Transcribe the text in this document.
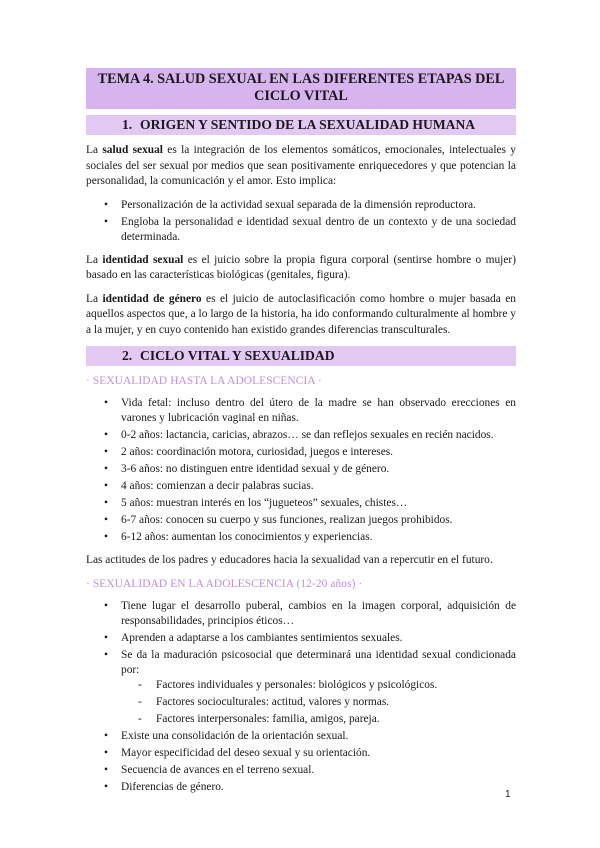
TEMA 4. SALUD SEXUAL EN LAS DIFERENTES ETAPAS DEL
CICLO VITAL
1. ORIGEN Y SENTIDO DE LA SEXUALIDAD HUMANA

La salud sexual es la integración de los elementos somáticos, emocionales, intelectuales y sociales del ser sexual por medios que sean positivamente enriquecedores y que potencian la personalidad, la comunicación y el amor. Esto implica:

• Personalización de la actividad sexual separada de la dimensión reproductora.
• Engloba la personalidad e identidad sexual dentro de un contexto y de una sociedad determinada.

La identidad sexual es el juicio sobre la propia figura corporal (sentirse hombre o mujer) basado en las características biológicas (genitales, figura).

La identidad de género es el juicio de autoclasificación como hombre o mujer basada en aquellos aspectos que, a lo largo de la historia, ha ido conformando culturalmente al hombre y a la mujer, y en cuyo contenido han existido grandes diferencias transculturales.

2. CICLO VITAL Y SEXUALIDAD
· SEXUALIDAD HASTA LA ADOLESCENCIA ·
• Vida fetal: incluso dentro del útero de la madre se han observado erecciones en varones y lubricación vaginal en niñas.
• 0-2 años: lactancia, caricias, abrazos… se dan reflejos sexuales en recién nacidos.
• 2 años: coordinación motora, curiosidad, juegos e intereses.
• 3-6 años: no distinguen entre identidad sexual y de género.
• 4 años: comienzan a decir palabras sucias.
• 5 años: muestran interés en los “jugueteos” sexuales, chistes…
• 6-7 años: conocen su cuerpo y sus funciones, realizan juegos prohibidos.
• 6-12 años: aumentan los conocimientos y experiencias.

Las actitudes de los padres y educadores hacia la sexualidad van a repercutir en el futuro.

· SEXUALIDAD EN LA ADOLESCENCIA (12-20 años) ·
• Tiene lugar el desarrollo puberal, cambios en la imagen corporal, adquisición de responsabilidades, principios éticos…
• Aprenden a adaptarse a los cambiantes sentimientos sexuales.
• Se da la maduración psicosocial que determinará una identidad sexual condicionada por:
- Factores individuales y personales: biológicos y psicológicos.
- Factores socioculturales: actitud, valores y normas.
- Factores interpersonales: familia, amigos, pareja.
• Existe una consolidación de la orientación sexual.
• Mayor especificidad del deseo sexual y su orientación.
• Secuencia de avances en el terreno sexual.
• Diferencias de género.
1
